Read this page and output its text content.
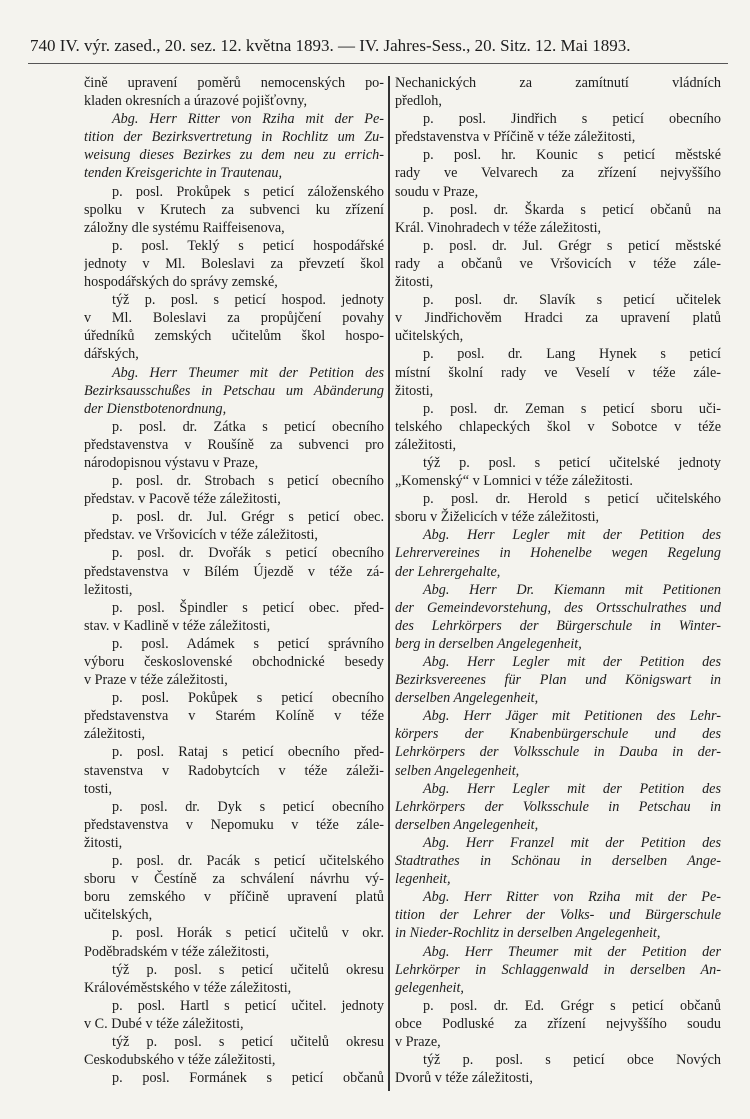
740 IV. výr. zased., 20. sez. 12. května 1893. — IV. Jahres-Sess., 20. Sitz. 12. Mai 1893.
čině upravení poměrů nemocenských po-
kladen okresních a úrazové pojišťovny,
Abg. Herr Ritter von Rziha mit der Pe-
tition der Bezirksvertretung in Rochlitz um Zu-
weisung dieses Bezirkes zu dem neu zu errich-
tenden Kreisgerichte in Trautenau,
p. posl. Prokůpek s peticí záloženského
spolku v Krutech za subvenci ku zřízení
záložny dle systému Raiffeisenova,
p. posl. Teklý s peticí hospodářské
jednoty v Ml. Boleslavi za převzetí škol
hospodářských do správy zemské,
týž p. posl. s peticí hospod. jednoty
v Ml. Boleslavi za propůjčení povahy
úředníků zemských učitelům škol hospo-
dářských,
Abg. Herr Theumer mit der Petition des
Bezirksausschußes in Petschau um Abänderung
der Dienstbotenordnung,
p. posl. dr. Zátka s peticí obecního
představenstva v Roušíně za subvenci pro
národopisnou výstavu v Praze,
p. posl. dr. Strobach s peticí obecního
představ. v Pacově téže záležitosti,
p. posl. dr. Jul. Grégr s peticí obec.
představ. ve Vršovicích v téže záležitosti,
p. posl. dr. Dvořák s peticí obecního
představenstva v Bílém Újezdě v téže zá-
ležitosti,
p. posl. Špindler s peticí obec. před-
stav. v Kadlině v téže záležitosti,
p. posl. Adámek s peticí správního
výboru československé obchodnické besedy
v Praze v téže záležitosti,
p. posl. Pokůpek s peticí obecního
představenstva v Starém Kolíně v téže
záležitosti,
p. posl. Rataj s peticí obecního před-
stavenstva v Radobytcích v téže záleži-
tosti,
p. posl. dr. Dyk s peticí obecního
představenstva v Nepomuku v téže zále-
žitosti,
p. posl. dr. Pacák s peticí učitelského
sboru v Čestíně za schválení návrhu vý-
boru zemského v příčině upravení platů
učitelských,
p. posl. Horák s peticí učitelů v okr.
Poděbradském v téže záležitosti,
týž p. posl. s peticí učitelů okresu
Královéměstského v téže záležitosti,
p. posl. Hartl s peticí učitel. jednoty
v C. Dubé v téže záležitosti,
týž p. posl. s peticí učitelů okresu
Ceskodubského v téže záležitosti,
p. posl. Formánek s peticí občanů
Nechanických za zamítnutí vládních
předloh,
p. posl. Jindřich s peticí obecního
představenstva v Příčině v téže záležitosti,
p. posl. hr. Kounic s peticí městské
rady ve Velvarech za zřízení nejvyššího
soudu v Praze,
p. posl. dr. Škarda s peticí občanů na
Král. Vinohradech v téže záležitosti,
p. posl. dr. Jul. Grégr s peticí městské
rady a občanů ve Vršovicích v téže zále-
žitosti,
p. posl. dr. Slavík s peticí učitelek
v Jindřichověm Hradci za upravení platů
učitelských,
p. posl. dr. Lang Hynek s peticí
místní školní rady ve Veselí v téže zále-
žitosti,
p. posl. dr. Zeman s peticí sboru uči-
telského chlapeckých škol v Sobotce v téže
záležitosti,
týž p. posl. s peticí učitelské jednoty
„Komenský“ v Lomnici v téže záležitosti.
p. posl. dr. Herold s peticí učitelského
sboru v Žiželicích v téže záležitosti,
Abg. Herr Legler mit der Petition des
Lehrervereines in Hohenelbe wegen Regelung
der Lehrergehalte,
Abg. Herr Dr. Kiemann mit Petitionen
der Gemeindevorstehung, des Ortsschulrathes und
des Lehrkörpers der Bürgerschule in Winter-
berg in derselben Angelegenheit,
Abg. Herr Legler mit der Petition des
Bezirksvereenes für Plan und Königswart in
derselben Angelegenheit,
Abg. Herr Jäger mit Petitionen des Lehr-
körpers der Knabenbürgerschule und des
Lehrkörpers der Volksschule in Dauba in der-
selben Angelegenheit,
Abg. Herr Legler mit der Petition des
Lehrkörpers der Volksschule in Petschau in
derselben Angelegenheit,
Abg. Herr Franzel mit der Petition des
Stadtrathes in Schönau in derselben Ange-
legenheit,
Abg. Herr Ritter von Rziha mit der Pe-
tition der Lehrer der Volks- und Bürgerschule
in Nieder-Rochlitz in derselben Angelegenheit,
Abg. Herr Theumer mit der Petition der
Lehrkörper in Schlaggenwald in derselben An-
gelegenheit,
p. posl. dr. Ed. Grégr s peticí občanů
obce Podluské za zřízení nejvyššího soudu
v Praze,
týž p. posl. s peticí obce Nových
Dvorů v téže záležitosti,
